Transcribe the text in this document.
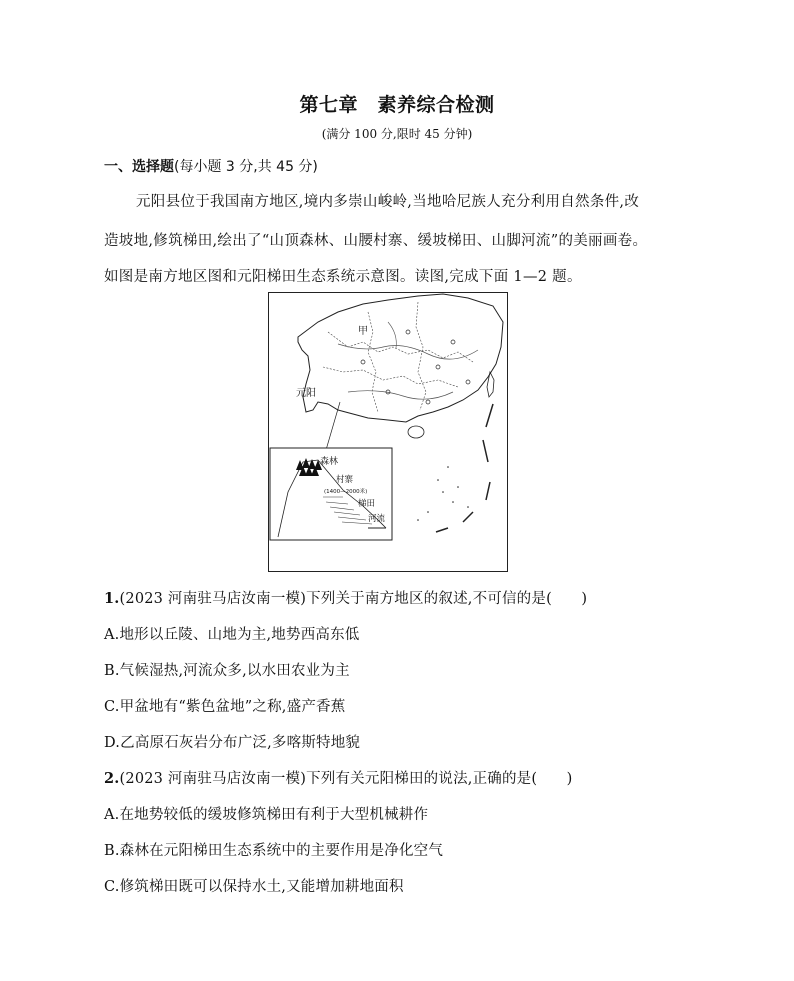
第七章　素养综合检测
(满分 100 分,限时 45 分钟)
一、选择题(每小题 3 分,共 45 分)
元阳县位于我国南方地区,境内多崇山峻岭,当地哈尼族人充分利用自然条件,改
造坡地,修筑梯田,绘出了“山顶森林、山腰村寨、缓坡梯田、山脚河流”的美丽画卷。
如图是南方地区图和元阳梯田生态系统示意图。读图,完成下面 1—2 题。
甲
元阳
森林
村寨
(1400—2000米)
梯田
河流
1.(2023 河南驻马店汝南一模)下列关于南方地区的叙述,不可信的是(　　)
A.地形以丘陵、山地为主,地势西高东低
B.气候湿热,河流众多,以水田农业为主
C.甲盆地有“紫色盆地”之称,盛产香蕉
D.乙高原石灰岩分布广泛,多喀斯特地貌
2.(2023 河南驻马店汝南一模)下列有关元阳梯田的说法,正确的是(　　)
A.在地势较低的缓坡修筑梯田有利于大型机械耕作
B.森林在元阳梯田生态系统中的主要作用是净化空气
C.修筑梯田既可以保持水土,又能增加耕地面积
